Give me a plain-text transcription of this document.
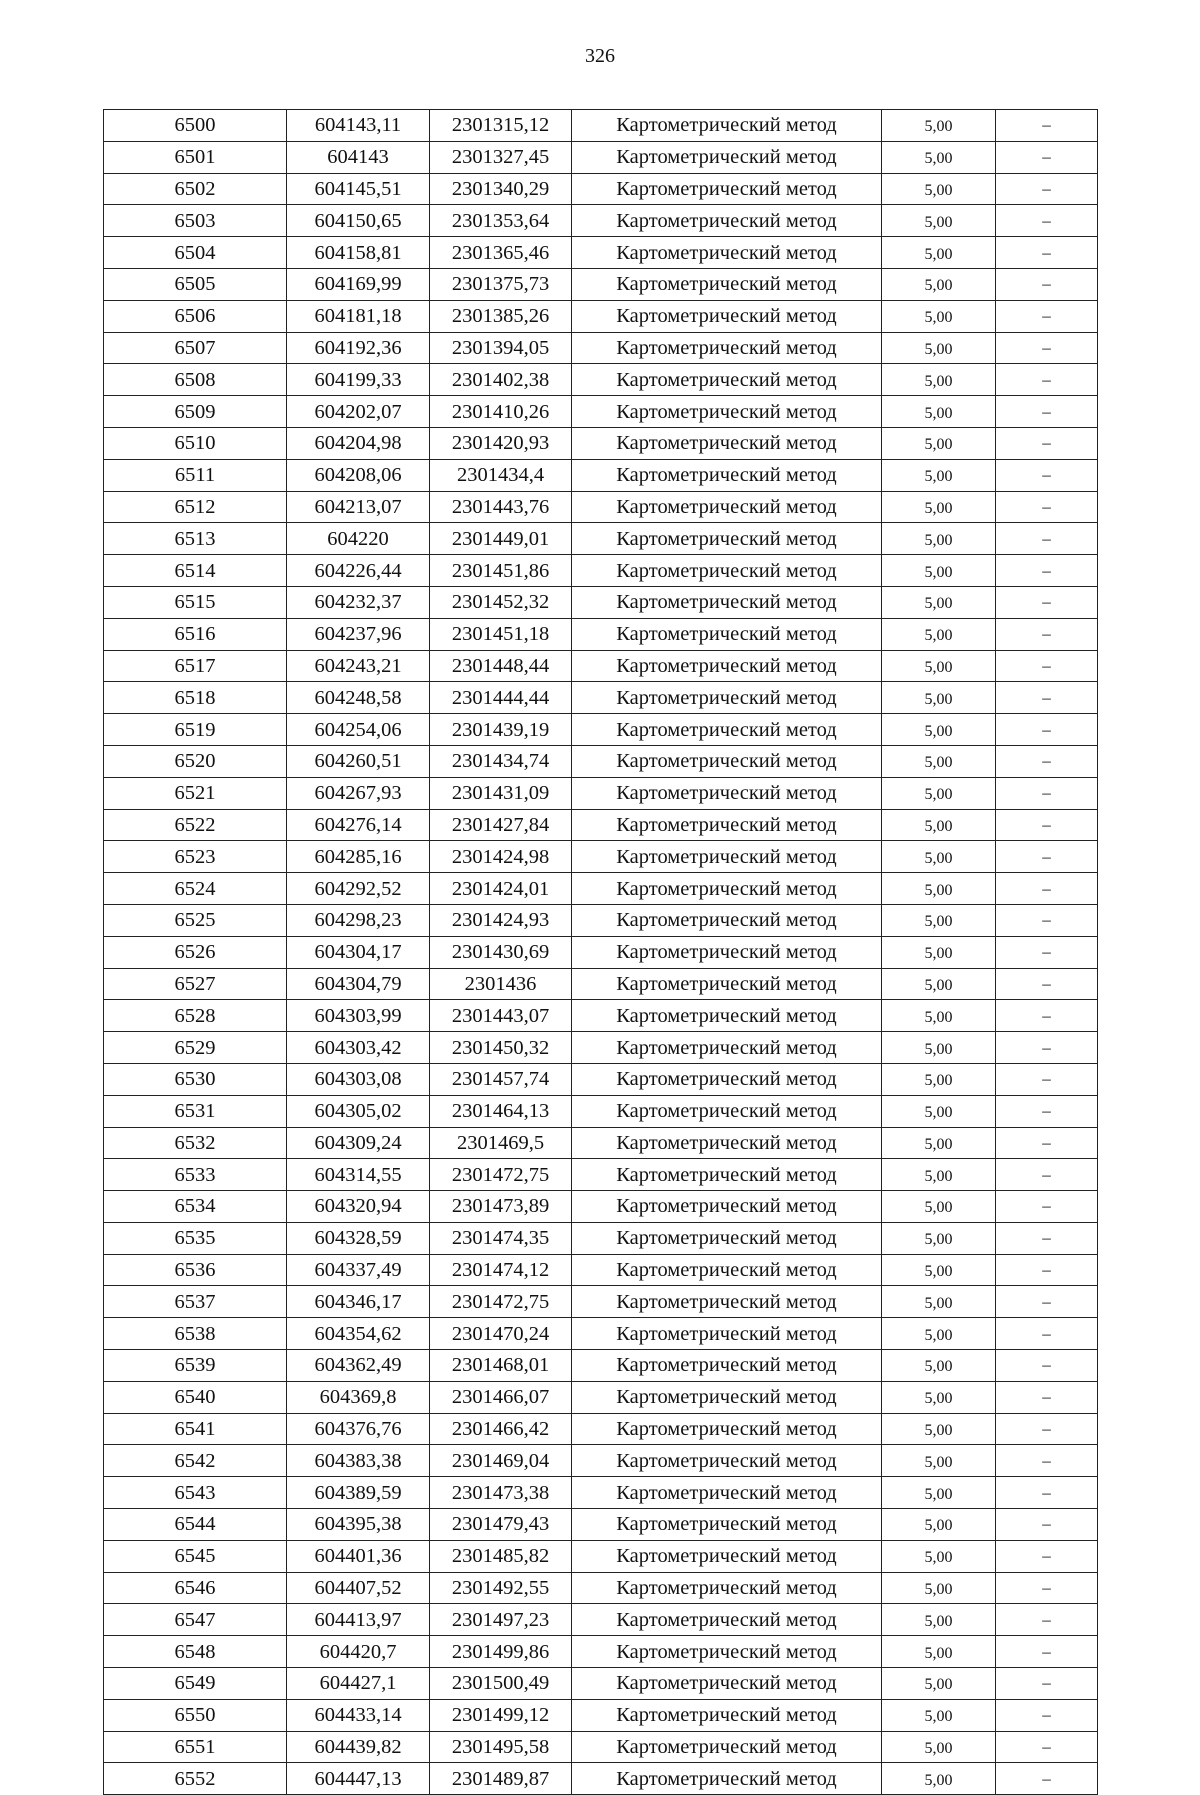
326
6500	604143,11	2301315,12	Картометрический метод	5,00	–
6501	604143	2301327,45	Картометрический метод	5,00	–
6502	604145,51	2301340,29	Картометрический метод	5,00	–
6503	604150,65	2301353,64	Картометрический метод	5,00	–
6504	604158,81	2301365,46	Картометрический метод	5,00	–
6505	604169,99	2301375,73	Картометрический метод	5,00	–
6506	604181,18	2301385,26	Картометрический метод	5,00	–
6507	604192,36	2301394,05	Картометрический метод	5,00	–
6508	604199,33	2301402,38	Картометрический метод	5,00	–
6509	604202,07	2301410,26	Картометрический метод	5,00	–
6510	604204,98	2301420,93	Картометрический метод	5,00	–
6511	604208,06	2301434,4	Картометрический метод	5,00	–
6512	604213,07	2301443,76	Картометрический метод	5,00	–
6513	604220	2301449,01	Картометрический метод	5,00	–
6514	604226,44	2301451,86	Картометрический метод	5,00	–
6515	604232,37	2301452,32	Картометрический метод	5,00	–
6516	604237,96	2301451,18	Картометрический метод	5,00	–
6517	604243,21	2301448,44	Картометрический метод	5,00	–
6518	604248,58	2301444,44	Картометрический метод	5,00	–
6519	604254,06	2301439,19	Картометрический метод	5,00	–
6520	604260,51	2301434,74	Картометрический метод	5,00	–
6521	604267,93	2301431,09	Картометрический метод	5,00	–
6522	604276,14	2301427,84	Картометрический метод	5,00	–
6523	604285,16	2301424,98	Картометрический метод	5,00	–
6524	604292,52	2301424,01	Картометрический метод	5,00	–
6525	604298,23	2301424,93	Картометрический метод	5,00	–
6526	604304,17	2301430,69	Картометрический метод	5,00	–
6527	604304,79	2301436	Картометрический метод	5,00	–
6528	604303,99	2301443,07	Картометрический метод	5,00	–
6529	604303,42	2301450,32	Картометрический метод	5,00	–
6530	604303,08	2301457,74	Картометрический метод	5,00	–
6531	604305,02	2301464,13	Картометрический метод	5,00	–
6532	604309,24	2301469,5	Картометрический метод	5,00	–
6533	604314,55	2301472,75	Картометрический метод	5,00	–
6534	604320,94	2301473,89	Картометрический метод	5,00	–
6535	604328,59	2301474,35	Картометрический метод	5,00	–
6536	604337,49	2301474,12	Картометрический метод	5,00	–
6537	604346,17	2301472,75	Картометрический метод	5,00	–
6538	604354,62	2301470,24	Картометрический метод	5,00	–
6539	604362,49	2301468,01	Картометрический метод	5,00	–
6540	604369,8	2301466,07	Картометрический метод	5,00	–
6541	604376,76	2301466,42	Картометрический метод	5,00	–
6542	604383,38	2301469,04	Картометрический метод	5,00	–
6543	604389,59	2301473,38	Картометрический метод	5,00	–
6544	604395,38	2301479,43	Картометрический метод	5,00	–
6545	604401,36	2301485,82	Картометрический метод	5,00	–
6546	604407,52	2301492,55	Картометрический метод	5,00	–
6547	604413,97	2301497,23	Картометрический метод	5,00	–
6548	604420,7	2301499,86	Картометрический метод	5,00	–
6549	604427,1	2301500,49	Картометрический метод	5,00	–
6550	604433,14	2301499,12	Картометрический метод	5,00	–
6551	604439,82	2301495,58	Картометрический метод	5,00	–
6552	604447,13	2301489,87	Картометрический метод	5,00	–
